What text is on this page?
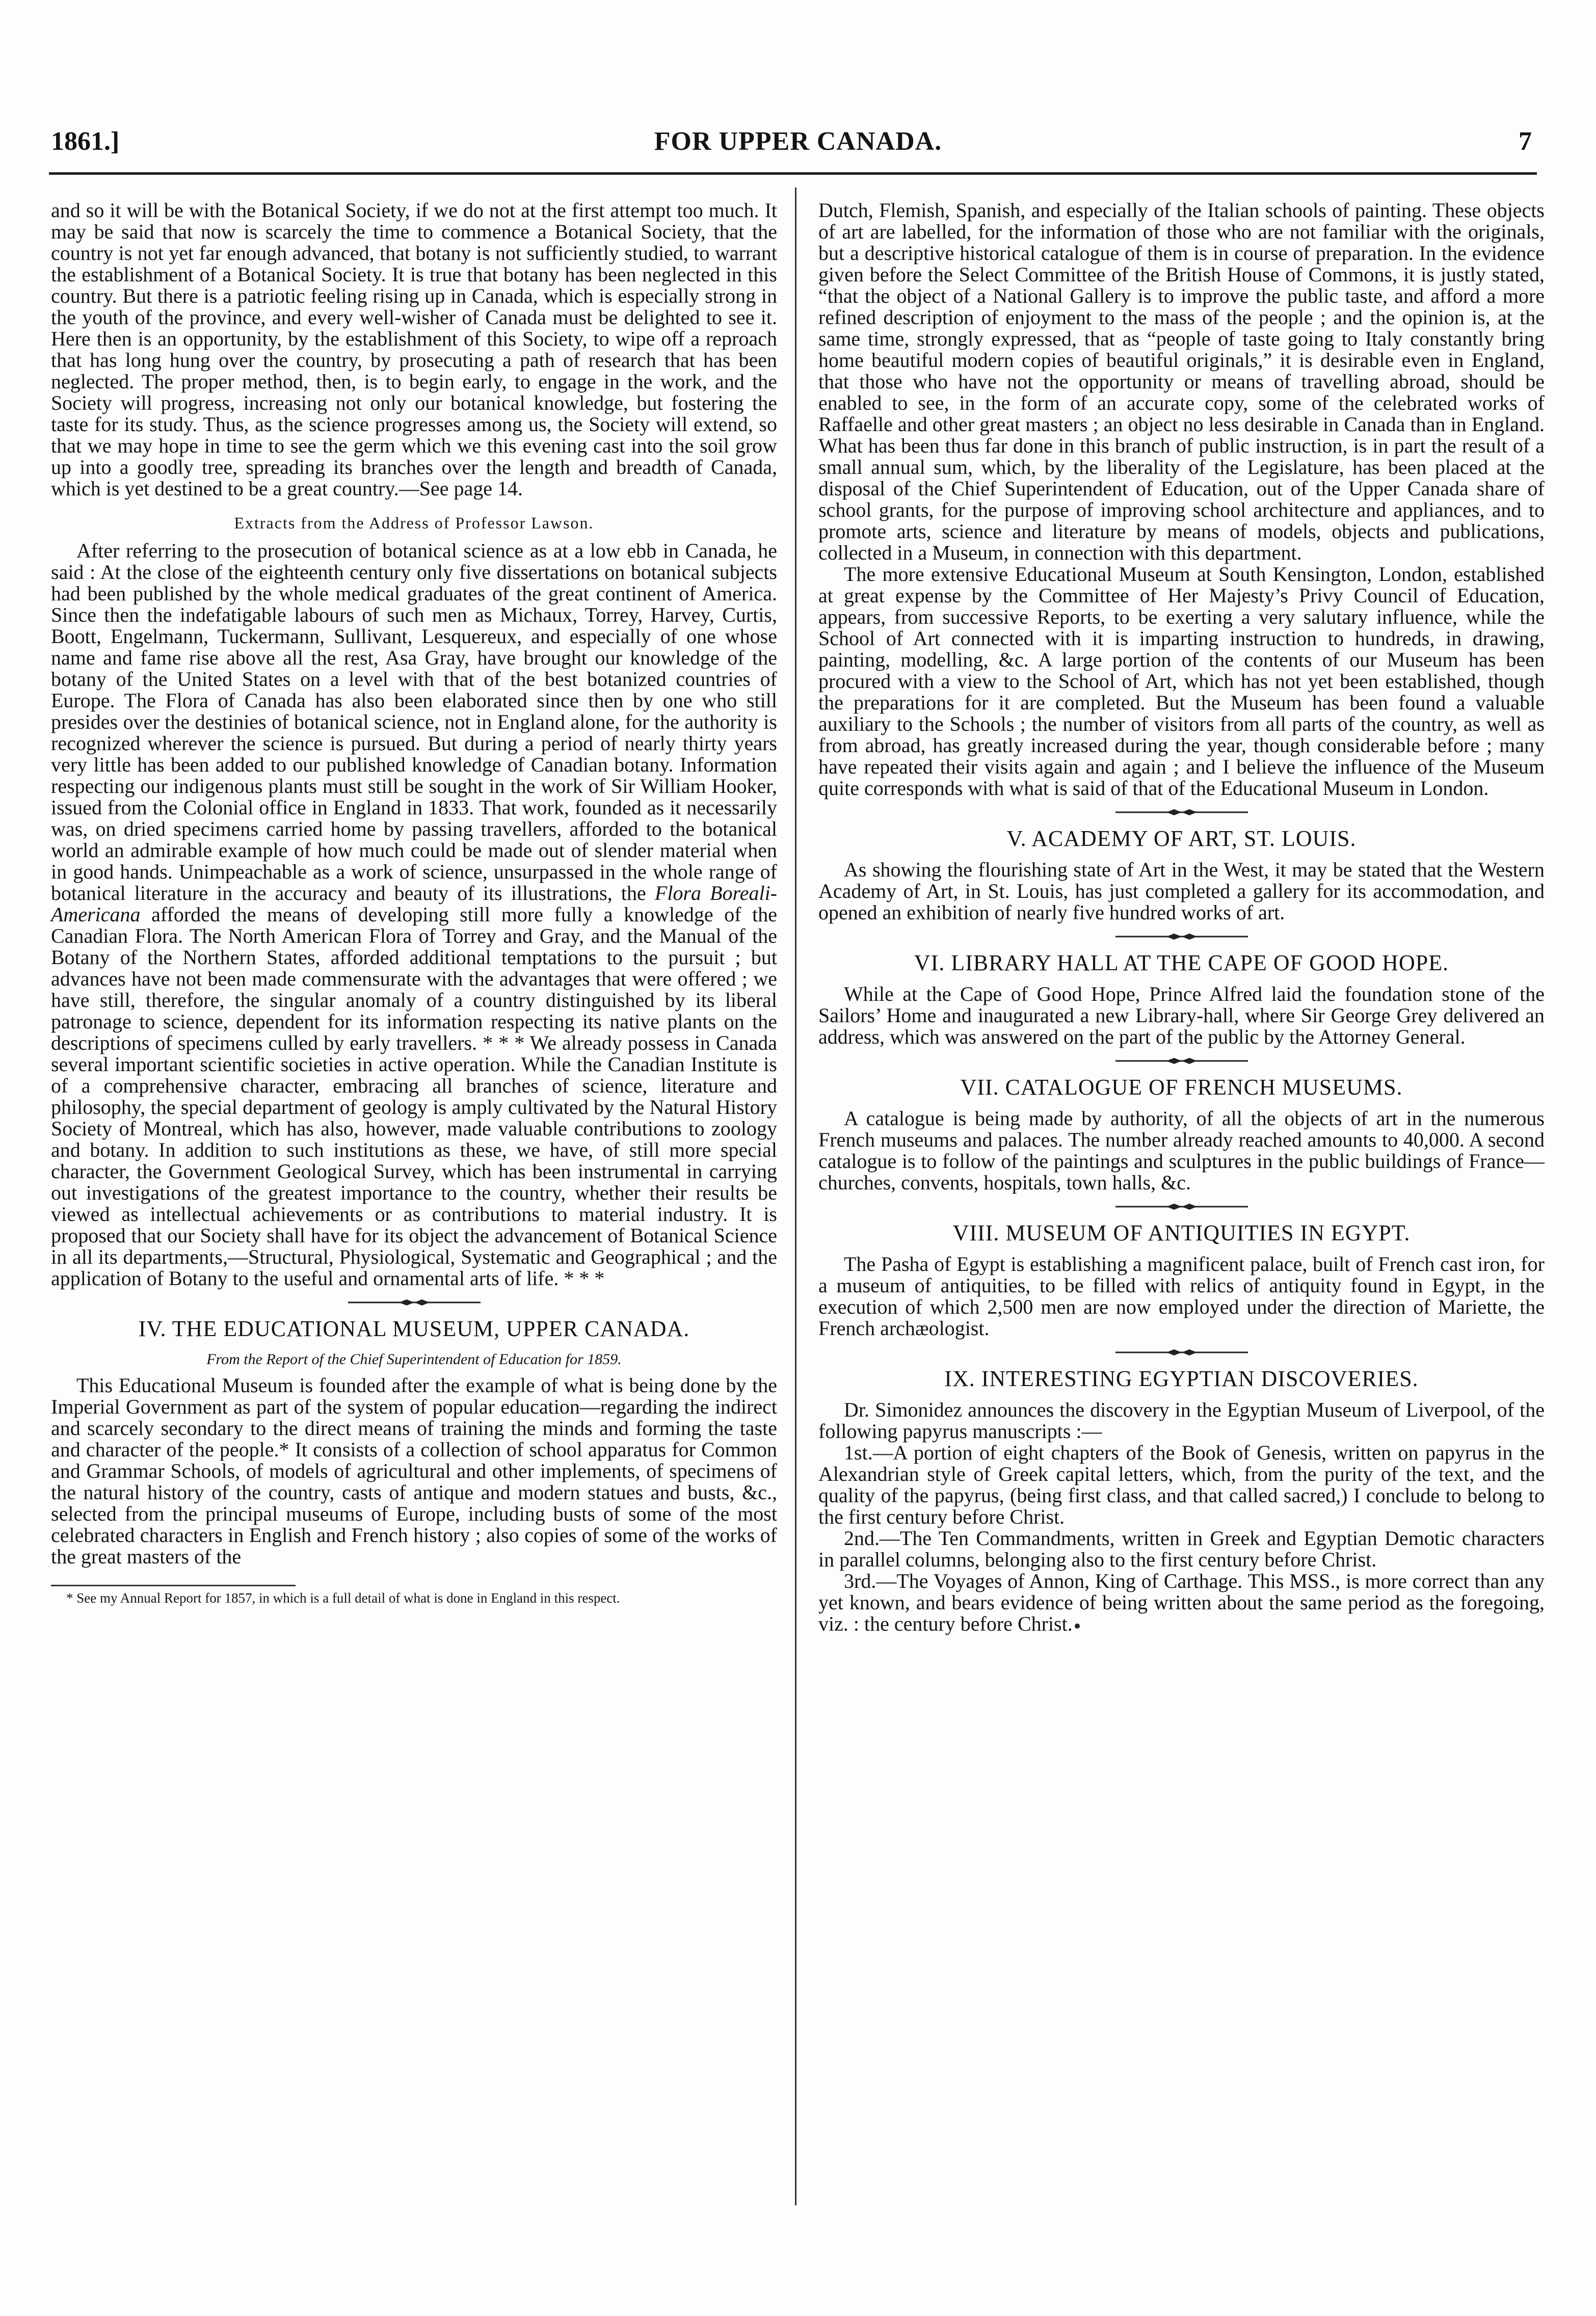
1861.]	FOR UPPER CANADA.	7

and so it will be with the Botanical Society, if we do not at the first attempt too much. It may be said that now is scarcely the time to commence a Botanical Society, that the country is not yet far enough advanced, that botany is not sufficiently studied, to warrant the establishment of a Botanical Society. It is true that botany has been neglected in this country. But there is a patriotic feeling rising up in Canada, which is especially strong in the youth of the province, and every well-wisher of Canada must be delighted to see it. Here then is an opportunity, by the establishment of this Society, to wipe off a reproach that has long hung over the country, by prosecuting a path of research that has been neglected. The proper method, then, is to begin early, to engage in the work, and the Society will progress, increasing not only our botanical knowledge, but fostering the taste for its study. Thus, as the science progresses among us, the Society will extend, so that we may hope in time to see the germ which we this evening cast into the soil grow up into a goodly tree, spreading its branches over the length and breadth of Canada, which is yet destined to be a great country.—See page 14.

Extracts from the Address of Professor Lawson.

After referring to the prosecution of botanical science as at a low ebb in Canada, he said : At the close of the eighteenth century only five dissertations on botanical subjects had been published by the whole medical graduates of the great continent of America. Since then the indefatigable labours of such men as Michaux, Torrey, Harvey, Curtis, Boott, Engelmann, Tuckermann, Sullivant, Lesquereux, and especially of one whose name and fame rise above all the rest, Asa Gray, have brought our knowledge of the botany of the United States on a level with that of the best botanized countries of Europe. The Flora of Canada has also been elaborated since then by one who still presides over the destinies of botanical science, not in England alone, for the authority is recognized wherever the science is pursued. But during a period of nearly thirty years very little has been added to our published knowledge of Canadian botany. Information respecting our indigenous plants must still be sought in the work of Sir William Hooker, issued from the Colonial office in England in 1833. That work, founded as it necessarily was, on dried specimens carried home by passing travellers, afforded to the botanical world an admirable example of how much could be made out of slender material when in good hands. Unimpeachable as a work of science, unsurpassed in the whole range of botanical literature in the accuracy and beauty of its illustrations, the Flora Boreali-Americana afforded the means of developing still more fully a knowledge of the Canadian Flora. The North American Flora of Torrey and Gray, and the Manual of the Botany of the Northern States, afforded additional temptations to the pursuit ; but advances have not been made commensurate with the advantages that were offered ; we have still, therefore, the singular anomaly of a country distinguished by its liberal patronage to science, dependent for its information respecting its native plants on the descriptions of specimens culled by early travellers. * * * We already possess in Canada several important scientific societies in active operation. While the Canadian Institute is of a comprehensive character, embracing all branches of science, literature and philosophy, the special department of geology is amply cultivated by the Natural History Society of Montreal, which has also, however, made valuable contributions to zoology and botany. In addition to such institutions as these, we have, of still more special character, the Government Geological Survey, which has been instrumental in carrying out investigations of the greatest importance to the country, whether their results be viewed as intellectual achievements or as contributions to material industry. It is proposed that our Society shall have for its object the advancement of Botanical Science in all its departments,—Structural, Physiological, Systematic and Geographical ; and the application of Botany to the useful and ornamental arts of life. * * *

IV. THE EDUCATIONAL MUSEUM, UPPER CANADA.
From the Report of the Chief Superintendent of Education for 1859.

This Educational Museum is founded after the example of what is being done by the Imperial Government as part of the system of popular education—regarding the indirect and scarcely secondary to the direct means of training the minds and forming the taste and character of the people.* It consists of a collection of school apparatus for Common and Grammar Schools, of models of agricultural and other implements, of specimens of the natural history of the country, casts of antique and modern statues and busts, &c., selected from the principal museums of Europe, including busts of some of the most celebrated characters in English and French history ; also copies of some of the works of the great masters of the

* See my Annual Report for 1857, in which is a full detail of what is done in England in this respect.

Dutch, Flemish, Spanish, and especially of the Italian schools of painting. These objects of art are labelled, for the information of those who are not familiar with the originals, but a descriptive historical catalogue of them is in course of preparation. In the evidence given before the Select Committee of the British House of Commons, it is justly stated, “that the object of a National Gallery is to improve the public taste, and afford a more refined description of enjoyment to the mass of the people ; and the opinion is, at the same time, strongly expressed, that as “people of taste going to Italy constantly bring home beautiful modern copies of beautiful originals,” it is desirable even in England, that those who have not the opportunity or means of travelling abroad, should be enabled to see, in the form of an accurate copy, some of the celebrated works of Raffaelle and other great masters ; an object no less desirable in Canada than in England. What has been thus far done in this branch of public instruction, is in part the result of a small annual sum, which, by the liberality of the Legislature, has been placed at the disposal of the Chief Superintendent of Education, out of the Upper Canada share of school grants, for the purpose of improving school architecture and appliances, and to promote arts, science and literature by means of models, objects and publications, collected in a Museum, in connection with this department.

The more extensive Educational Museum at South Kensington, London, established at great expense by the Committee of Her Majesty’s Privy Council of Education, appears, from successive Reports, to be exerting a very salutary influence, while the School of Art connected with it is imparting instruction to hundreds, in drawing, painting, modelling, &c. A large portion of the contents of our Museum has been procured with a view to the School of Art, which has not yet been established, though the preparations for it are completed. But the Museum has been found a valuable auxiliary to the Schools ; the number of visitors from all parts of the country, as well as from abroad, has greatly increased during the year, though considerable before ; many have repeated their visits again and again ; and I believe the influence of the Museum quite corresponds with what is said of that of the Educational Museum in London.

V. ACADEMY OF ART, ST. LOUIS.

As showing the flourishing state of Art in the West, it may be stated that the Western Academy of Art, in St. Louis, has just completed a gallery for its accommodation, and opened an exhibition of nearly five hundred works of art.

VI. LIBRARY HALL AT THE CAPE OF GOOD HOPE.

While at the Cape of Good Hope, Prince Alfred laid the foundation stone of the Sailors’ Home and inaugurated a new Library-hall, where Sir George Grey delivered an address, which was answered on the part of the public by the Attorney General.

VII. CATALOGUE OF FRENCH MUSEUMS.

A catalogue is being made by authority, of all the objects of art in the numerous French museums and palaces. The number already reached amounts to 40,000. A second catalogue is to follow of the paintings and sculptures in the public buildings of France—churches, convents, hospitals, town halls, &c.

VIII. MUSEUM OF ANTIQUITIES IN EGYPT.

The Pasha of Egypt is establishing a magnificent palace, built of French cast iron, for a museum of antiquities, to be filled with relics of antiquity found in Egypt, in the execution of which 2,500 men are now employed under the direction of Mariette, the French archæologist.

IX. INTERESTING EGYPTIAN DISCOVERIES.

Dr. Simonidez announces the discovery in the Egyptian Museum of Liverpool, of the following papyrus manuscripts :—

1st.—A portion of eight chapters of the Book of Genesis, written on papyrus in the Alexandrian style of Greek capital letters, which, from the purity of the text, and the quality of the papyrus, (being first class, and that called sacred,) I conclude to belong to the first century before Christ.

2nd.—The Ten Commandments, written in Greek and Egyptian Demotic characters in parallel columns, belonging also to the first century before Christ.

3rd.—The Voyages of Annon, King of Carthage. This MSS., is more correct than any yet known, and bears evidence of being written about the same period as the foregoing, viz. : the century before Christ.
